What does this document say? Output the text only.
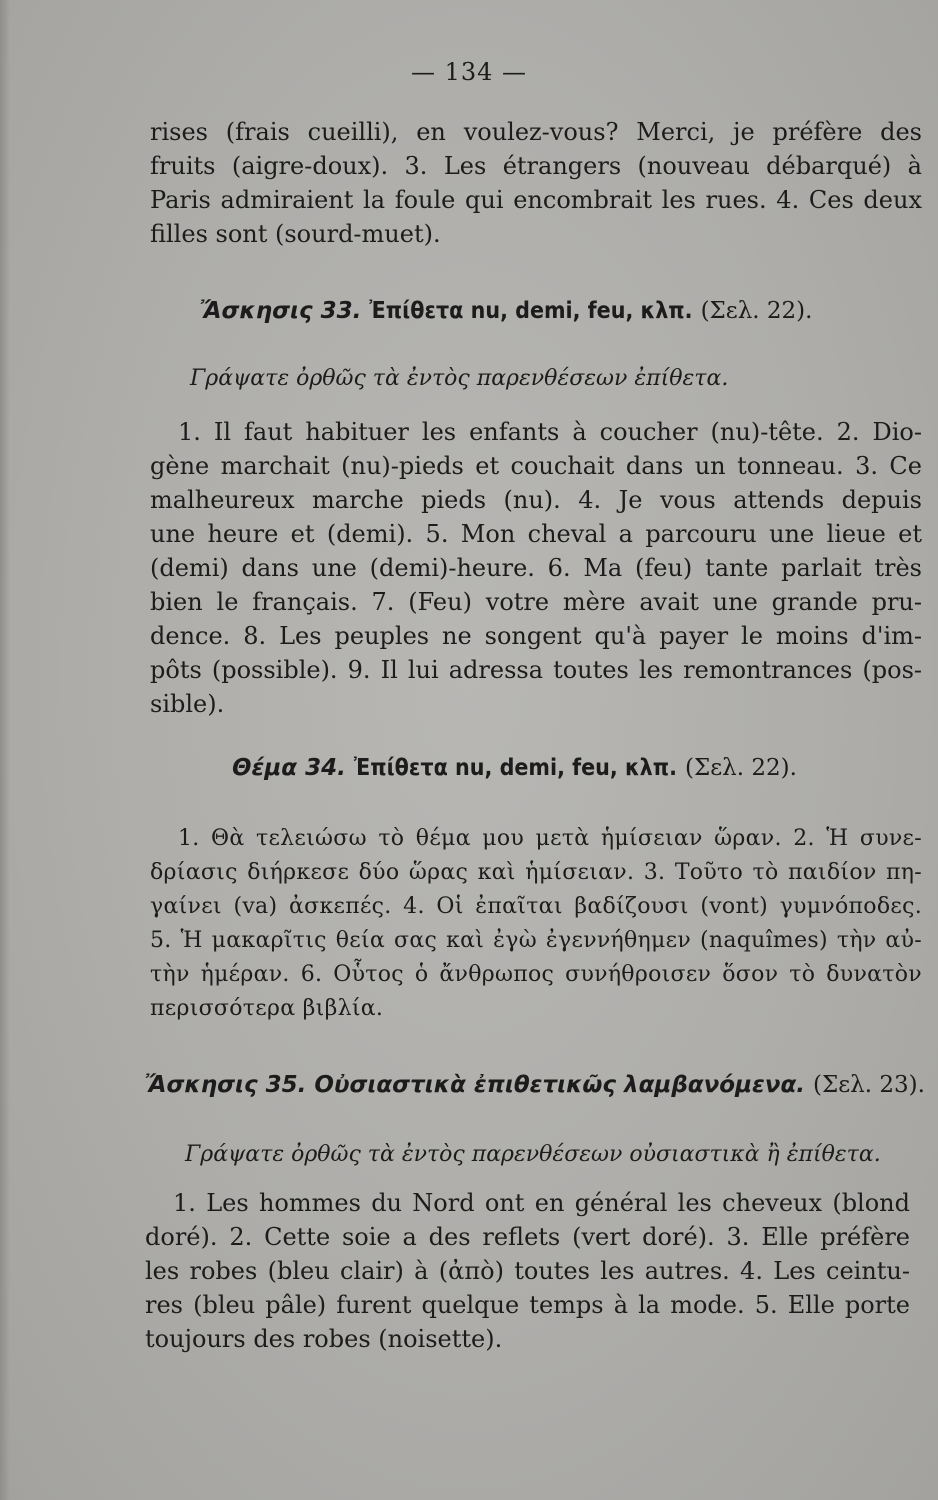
— 134 —
rises (frais cueilli), en voulez-vous? Merci, je préfère des
fruits (aigre-doux). 3. Les étrangers (nouveau débarqué) à
Paris admiraient la foule qui encombrait les rues. 4. Ces deux
filles sont (sourd-muet).
Ἄσκησις 33. Ἐπίθετα nu, demi, feu, κλπ. (Σελ. 22).
Γράψατε ὀρθῶς τὰ ἐντὸς παρενθέσεων ἐπίθετα.
1. Il faut habituer les enfants à coucher (nu)-tête. 2. Dio-
gène marchait (nu)-pieds et couchait dans un tonneau. 3. Ce
malheureux marche pieds (nu). 4. Je vous attends depuis
une heure et (demi). 5. Mon cheval a parcouru une lieue et
(demi) dans une (demi)-heure. 6. Ma (feu) tante parlait très
bien le français. 7. (Feu) votre mère avait une grande pru-
dence. 8. Les peuples ne songent qu'à payer le moins d'im-
pôts (possible). 9. Il lui adressa toutes les remontrances (pos-
sible).
Θέμα 34. Ἐπίθετα nu, demi, feu, κλπ. (Σελ. 22).
1. Θὰ τελειώσω τὸ θέμα μου μετὰ ἡμίσειαν ὥραν. 2. Ἡ συνε-
δρίασις διήρκεσε δύο ὥρας καὶ ἡμίσειαν. 3. Τοῦτο τὸ παιδίον πη-
γαίνει (va) ἀσκεπές. 4. Οἱ ἐπαῖται βαδίζουσι (vont) γυμνόποδες.
5. Ἡ μακαρῖτις θεία σας καὶ ἐγὼ ἐγεννήθημεν (naquîmes) τὴν αὐ-
τὴν ἡμέραν. 6. Οὗτος ὁ ἄνθρωπος συνήθροισεν ὅσον τὸ δυνατὸν
περισσότερα βιβλία.
Ἄσκησις 35. Οὐσιαστικὰ ἐπιθετικῶς λαμβανόμενα. (Σελ. 23).
Γράψατε ὀρθῶς τὰ ἐντὸς παρενθέσεων οὐσιαστικὰ ἢ ἐπίθετα.
1. Les hommes du Nord ont en général les cheveux (blond
doré). 2. Cette soie a des reflets (vert doré). 3. Elle préfère
les robes (bleu clair) à (ἀπὸ) toutes les autres. 4. Les ceintu-
res (bleu pâle) furent quelque temps à la mode. 5. Elle porte
toujours des robes (noisette).
